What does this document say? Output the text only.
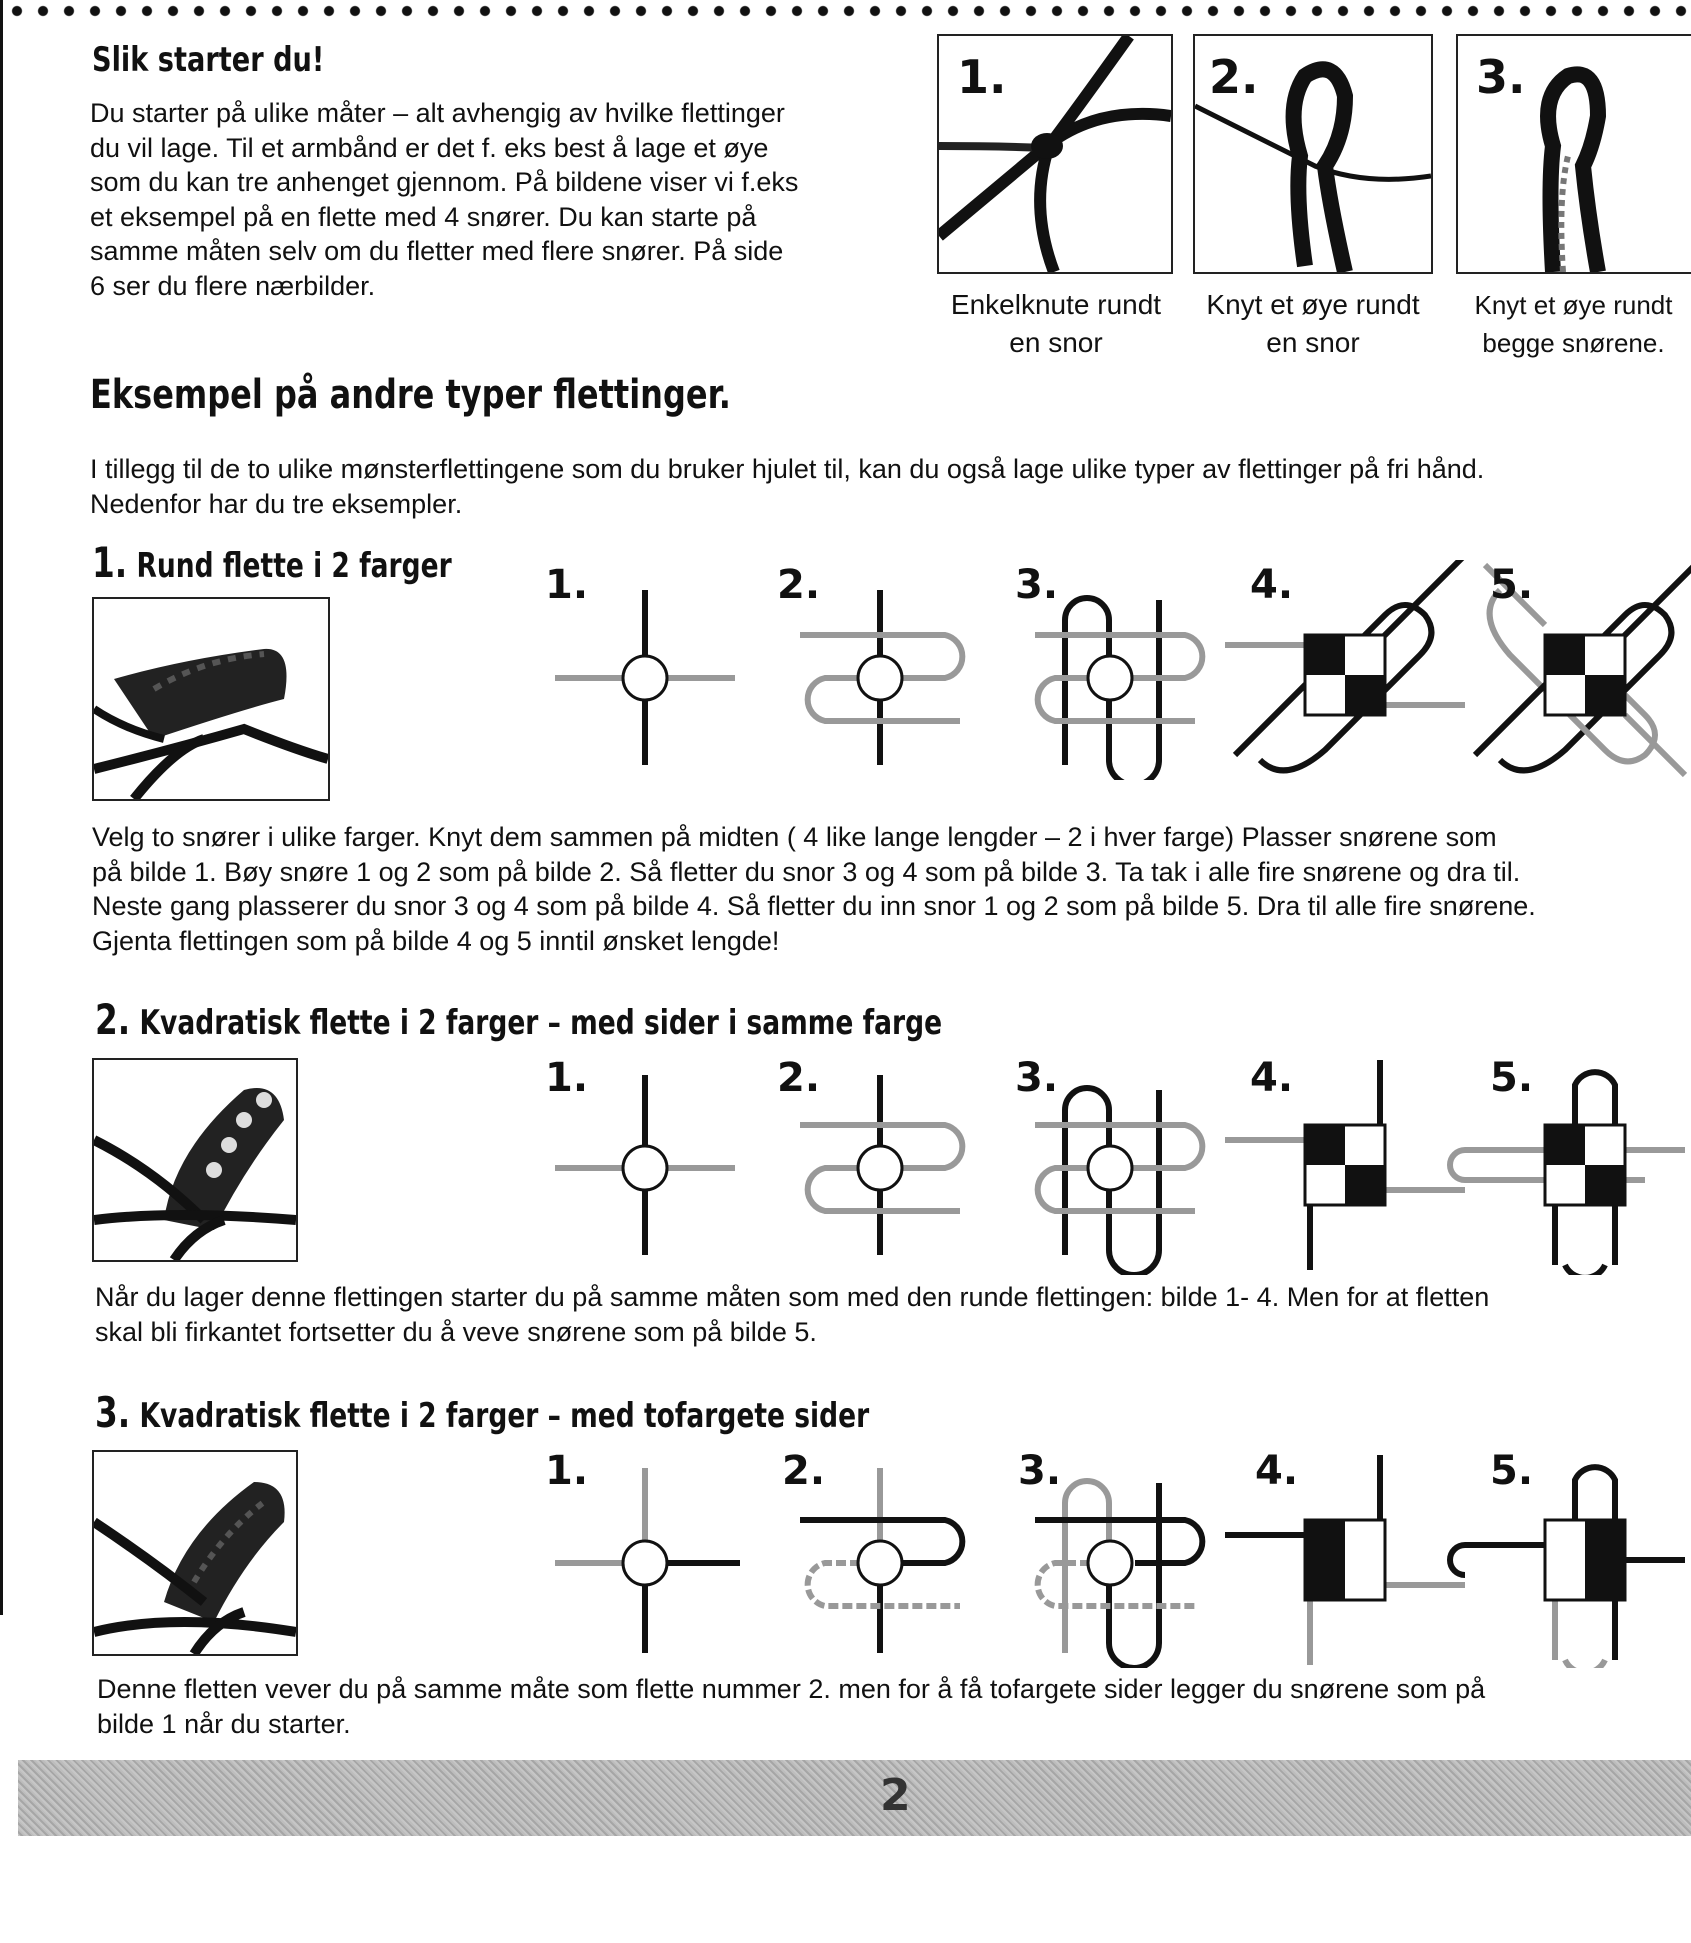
Slik starter du!

Du starter på ulike måter – alt avhengig av hvilke flettinger

du vil lage. Til et armbånd er det f. eks best å lage et øye

som du kan tre anhenget gjennom. På bildene viser vi f.eks

et eksempel på en flette med 4 snører. Du kan starte på

samme måten selv om du fletter med flere snører. På side

6 ser du flere nærbilder.

1.	2.	3.
Enkelknute rundt
en snor
Knyt et øye rundt
en snor
Knyt et øye rundt
begge snørene.
Eksempel på andre typer flettinger.

I tillegg til de to ulike mønsterflettingene som du bruker hjulet til, kan du også lage ulike typer av flettinger på fri hånd.

Nedenfor har du tre eksempler.

1. Rund flette i 2 farger 1.	2.	3.	4.	5.

Velg to snører i ulike farger. Knyt dem sammen på midten ( 4 like lange lengder – 2 i hver farge) Plasser snørene som

på bilde 1. Bøy snøre 1 og 2 som på bilde 2. Så fletter du snor 3 og 4 som på bilde 3. Ta tak i alle fire snørene og dra til.

Neste gang plasserer du snor 3 og 4 som på bilde 4. Så fletter du inn snor 1 og 2 som på bilde 5. Dra til alle fire snørene.

Gjenta flettingen som på bilde 4 og 5 inntil ønsket lengde!

2. Kvadratisk flette i 2 farger – med sider i samme farge
1.	2.	3.	4.	5.

Når du lager denne flettingen starter du på samme måten som med den runde flettingen: bilde 1- 4. Men for at fletten

skal bli firkantet fortsetter du å veve snørene som på bilde 5.

3. Kvadratisk flette i 2 farger – med tofargete sider
1.	2.	3.	4.	5.

Denne fletten vever du på samme måte som flette nummer 2. men for å få tofargete sider legger du snørene som på

bilde 1 når du starter.

2
